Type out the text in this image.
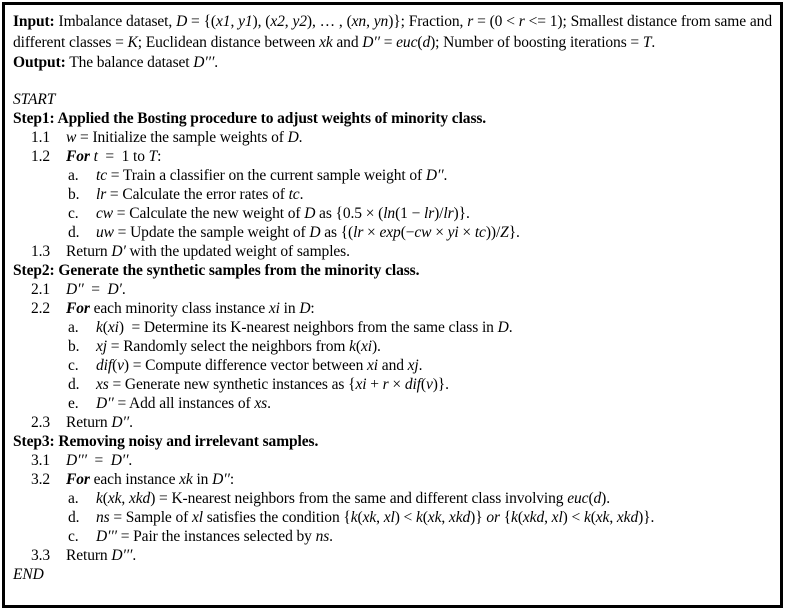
Input: Imbalance dataset, D = {(x1, y1), (x2, y2), … , (xn, yn)}; Fraction, r = (0 < r <= 1); Smallest distance from same and different classes = K; Euclidean distance between xk and D′′ = euc(d); Number of boosting iterations = T.

Output: The balance dataset D′′′.

START
Step1: Applied the Bosting procedure to adjust weights of minority class.
1.1 w = Initialize the sample weights of D.
1.2 For t  =  1 to T:
a. tc = Train a classifier on the current sample weight of D′′.
b. lr = Calculate the error rates of tc.
c. cw = Calculate the new weight of D as {0.5 × (ln(1 − lr)/lr)}.
d. uw = Update the sample weight of D as {(lr × exp(−cw × yi × tc))/Z}.
1.3 Return D′ with the updated weight of samples.
Step2: Generate the synthetic samples from the minority class.
2.1 D′′  =  D′.
2.2 For each minority class instance xi in D:
a. k(xi)  = Determine its K-nearest neighbors from the same class in D.
b. xj = Randomly select the neighbors from k(xi).
c. dif(v) = Compute difference vector between xi and xj.
d. xs = Generate new synthetic instances as {xi + r × dif(v)}.
e. D′′ = Add all instances of xs.
2.3 Return D′′.
Step3: Removing noisy and irrelevant samples.
3.1 D′′′  =  D′′.
3.2 For each instance xk in D′′:
a. k(xk, xkd) = K-nearest neighbors from the same and different class involving euc(d).
d. ns = Sample of xl satisfies the condition {k(xk, xl) < k(xk, xkd)} or {k(xkd, xl) < k(xk, xkd)}.
c. D′′′ = Pair the instances selected by ns.
3.3 Return D′′′.
END
